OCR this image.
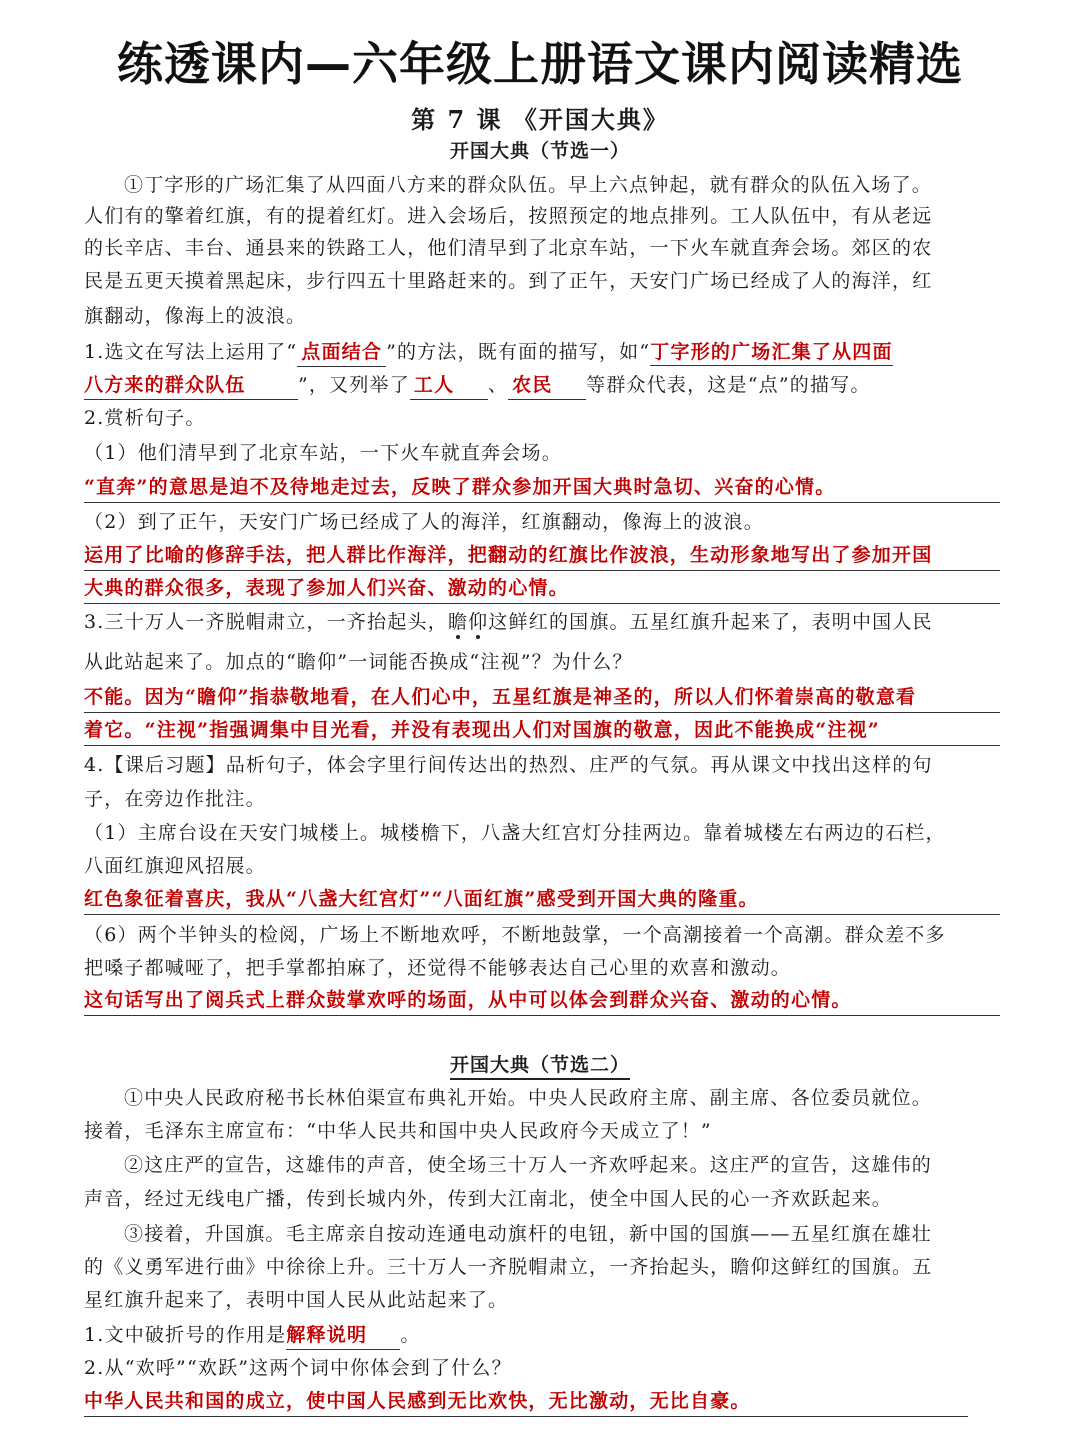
练透课内—六年级上册语文课内阅读精选
第 7 课 《开国大典》
开国大典（节选一）
①丁字形的广场汇集了从四面八方来的群众队伍。早上六点钟起，就有群众的队伍入场了。
人们有的擎着红旗，有的提着红灯。进入会场后，按照预定的地点排列。工人队伍中，有从老远
的长辛店、丰台、通县来的铁路工人，他们清早到了北京车站，一下火车就直奔会场。郊区的农
民是五更天摸着黑起床，步行四五十里路赶来的。到了正午，天安门广场已经成了人的海洋，红
旗翻动，像海上的波浪。
1.选文在写法上运用了“ 点面结合 ”的方法，既有面的描写，如“丁字形的广场汇集了从四面
八方来的群众队伍	”，又列举了 工人 、 农民 等群众代表，这是“点”的描写。
2.赏析句子。
（1）他们清早到了北京车站，一下火车就直奔会场。
“直奔”的意思是迫不及待地走过去，反映了群众参加开国大典时急切、兴奋的心情。
（2）到了正午，天安门广场已经成了人的海洋，红旗翻动，像海上的波浪。
运用了比喻的修辞手法，把人群比作海洋，把翻动的红旗比作波浪，生动形象地写出了参加开国
大典的群众很多，表现了参加人们兴奋、激动的心情。
3.三十万人一齐脱帽肃立，一齐抬起头，瞻仰这鲜红的国旗。五星红旗升起来了，表明中国人民
从此站起来了。加点的“瞻仰”一词能否换成“注视”？为什么？
不能。因为“瞻仰”指恭敬地看，在人们心中，五星红旗是神圣的，所以人们怀着崇高的敬意看
着它。“注视”指强调集中目光看，并没有表现出人们对国旗的敬意，因此不能换成“注视”
4.【课后习题】品析句子，体会字里行间传达出的热烈、庄严的气氛。再从课文中找出这样的句
子，在旁边作批注。
（1）主席台设在天安门城楼上。城楼檐下，八盏大红宫灯分挂两边。靠着城楼左右两边的石栏，
八面红旗迎风招展。
红色象征着喜庆，我从“八盏大红宫灯”“八面红旗”感受到开国大典的隆重。
（6）两个半钟头的检阅，广场上不断地欢呼，不断地鼓掌，一个高潮接着一个高潮。群众差不多
把嗓子都喊哑了，把手掌都拍麻了，还觉得不能够表达自己心里的欢喜和激动。
这句话写出了阅兵式上群众鼓掌欢呼的场面，从中可以体会到群众兴奋、激动的心情。
开国大典（节选二）
①中央人民政府秘书长林伯渠宣布典礼开始。中央人民政府主席、副主席、各位委员就位。
接着，毛泽东主席宣布：“中华人民共和国中央人民政府今天成立了！”
②这庄严的宣告，这雄伟的声音，使全场三十万人一齐欢呼起来。这庄严的宣告，这雄伟的
声音，经过无线电广播，传到长城内外，传到大江南北，使全中国人民的心一齐欢跃起来。
③接着，升国旗。毛主席亲自按动连通电动旗杆的电钮，新中国的国旗——五星红旗在雄壮
的《义勇军进行曲》中徐徐上升。三十万人一齐脱帽肃立，一齐抬起头，瞻仰这鲜红的国旗。五
星红旗升起来了，表明中国人民从此站起来了。
1.文中破折号的作用是解释说明 。
2.从“欢呼”“欢跃”这两个词中你体会到了什么？
中华人民共和国的成立，使中国人民感到无比欢快，无比激动，无比自豪。
